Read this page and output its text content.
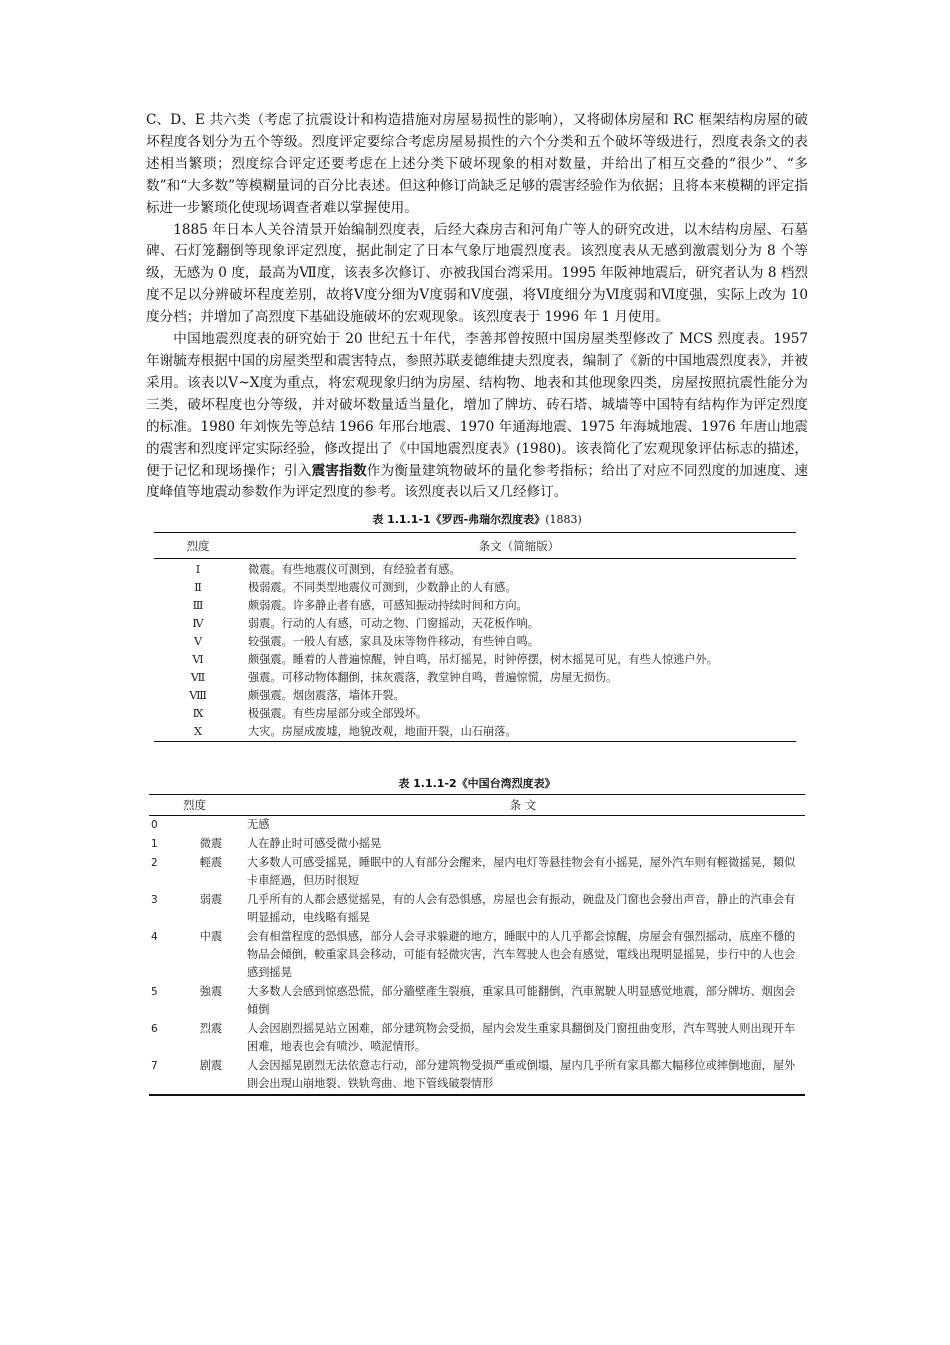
C、D、E 共六类（考虑了抗震设计和构造措施对房屋易损性的影响），又将砌体房屋和 RC 框架结构房屋的破坏程度各划分为五个等级。烈度评定要综合考虑房屋易损性的六个分类和五个破坏等级进行，烈度表条文的表述相当繁琐；烈度综合评定还要考虑在上述分类下破坏现象的相对数量，并给出了相互交叠的“很少”、“多数”和“大多数”等模糊量词的百分比表述。但这种修订尚缺乏足够的震害经验作为依据；且将本来模糊的评定指标进一步繁琐化使现场调查者难以掌握使用。

1885 年日本人关谷清景开始编制烈度表，后经大森房吉和河角广等人的研究改进，以木结构房屋、石墓碑、石灯笼翻倒等现象评定烈度，据此制定了日本气象厅地震烈度表。该烈度表从无感到激震划分为 8 个等级，无感为 0 度，最高为Ⅶ度，该表多次修订、亦被我国台湾采用。1995 年阪神地震后，研究者认为 8 档烈度不足以分辨破坏程度差别，故将Ⅴ度分细为Ⅴ度弱和Ⅴ度强，将Ⅵ度细分为Ⅵ度弱和Ⅵ度强，实际上改为 10 度分档；并增加了高烈度下基础设施破坏的宏观现象。该烈度表于 1996 年 1 月使用。

中国地震烈度表的研究始于 20 世纪五十年代，李善邦曾按照中国房屋类型修改了 MCS 烈度表。1957 年谢毓寿根据中国的房屋类型和震害特点，参照苏联麦德维捷夫烈度表，编制了《新的中国地震烈度表》，并被采用。该表以Ⅴ~Ⅹ度为重点，将宏观现象归纳为房屋、结构物、地表和其他现象四类，房屋按照抗震性能分为三类，破坏程度也分等级，并对破坏数量适当量化，增加了牌坊、砖石塔、城墙等中国特有结构作为评定烈度的标准。1980 年刘恢先等总结 1966 年邢台地震、1970 年通海地震、1975 年海城地震、1976 年唐山地震的震害和烈度评定实际经验，修改提出了《中国地震烈度表》(1980)。该表简化了宏观现象评估标志的描述，便于记忆和现场操作；引入震害指数作为衡量建筑物破坏的量化参考指标；给出了对应不同烈度的加速度、速度峰值等地震动参数作为评定烈度的参考。该烈度表以后又几经修订。

表 1.1.1-1《罗西-弗瑞尔烈度表》(1883)

烈度	条文（简缩版）
Ⅰ	微震。有些地震仪可测到，有经验者有感。
Ⅱ	极弱震。不同类型地震仪可测到，少数静止的人有感。
Ⅲ	颇弱震。许多静止者有感，可感知振动持续时间和方向。
Ⅳ	弱震。行动的人有感，可动之物、门窗摇动，天花板作响。
Ⅴ	较强震。一般人有感，家具及床等物件移动，有些钟自鸣。
Ⅵ	颇强震。睡着的人普遍惊醒，钟自鸣，吊灯摇晃，时钟停摆，树木摇晃可见，有些人惊逃户外。
Ⅶ	强震。可移动物体翻倒，抹灰震落，教堂钟自鸣，普遍惊慌，房屋无损伤。
Ⅷ	颇强震。烟囱震落，墙体开裂。
Ⅸ	极强震。有些房屋部分或全部毁坏。
Ⅹ	大灾。房屋成废墟，地貌改观，地面开裂，山石崩落。

表 1.1.1-2《中国台湾烈度表》

烈度		条 文
0		无感
1	微震	人在静止时可感受微小摇晃
2	輕震	大多数人可感受摇晃，睡眠中的人有部分会醒来，屋内电灯等悬挂物会有小摇晃，屋外汽车则有輕微摇晃，類似卡車經過，但历时很短
3	弱震	几乎所有的人都会感觉摇晃，有的人会有恐惧感，房屋也会有振动，碗盘及门窗也会發出声音，静止的汽車会有明显摇动，电线略有摇晃
4	中震	会有相當程度的恐惧感，部分人会寻求躲避的地方，睡眠中的人几乎都会惊醒，房屋会有强烈摇动，底座不穩的物品会傾倒，較重家具会移动，可能有轻微灾害，汽车驾驶人也会有感觉，電线出現明显摇晃，步行中的人也会感到摇晃
5	強震	大多数人会感到惊惑恐慌，部分牆壁產生裂痕，重家具可能翻倒，汽車駕駛人明显感觉地震，部分牌坊、烟囱会傾倒
6	烈震	人会因剧烈摇晃站立困难，部分建筑物会受损，屋内会发生重家具翻倒及门窗扭曲变形，汽车驾驶人则出现开车困难，地表也会有喷沙、喷泥情形。
7	剧震	人会因摇晃剧烈无法依意志行动，部分建筑物受损严重或倒塌，屋内几乎所有家具都大幅移位或摔倒地面，屋外則会出現山崩地裂、铁轨弯曲、地下管线破裂情形
